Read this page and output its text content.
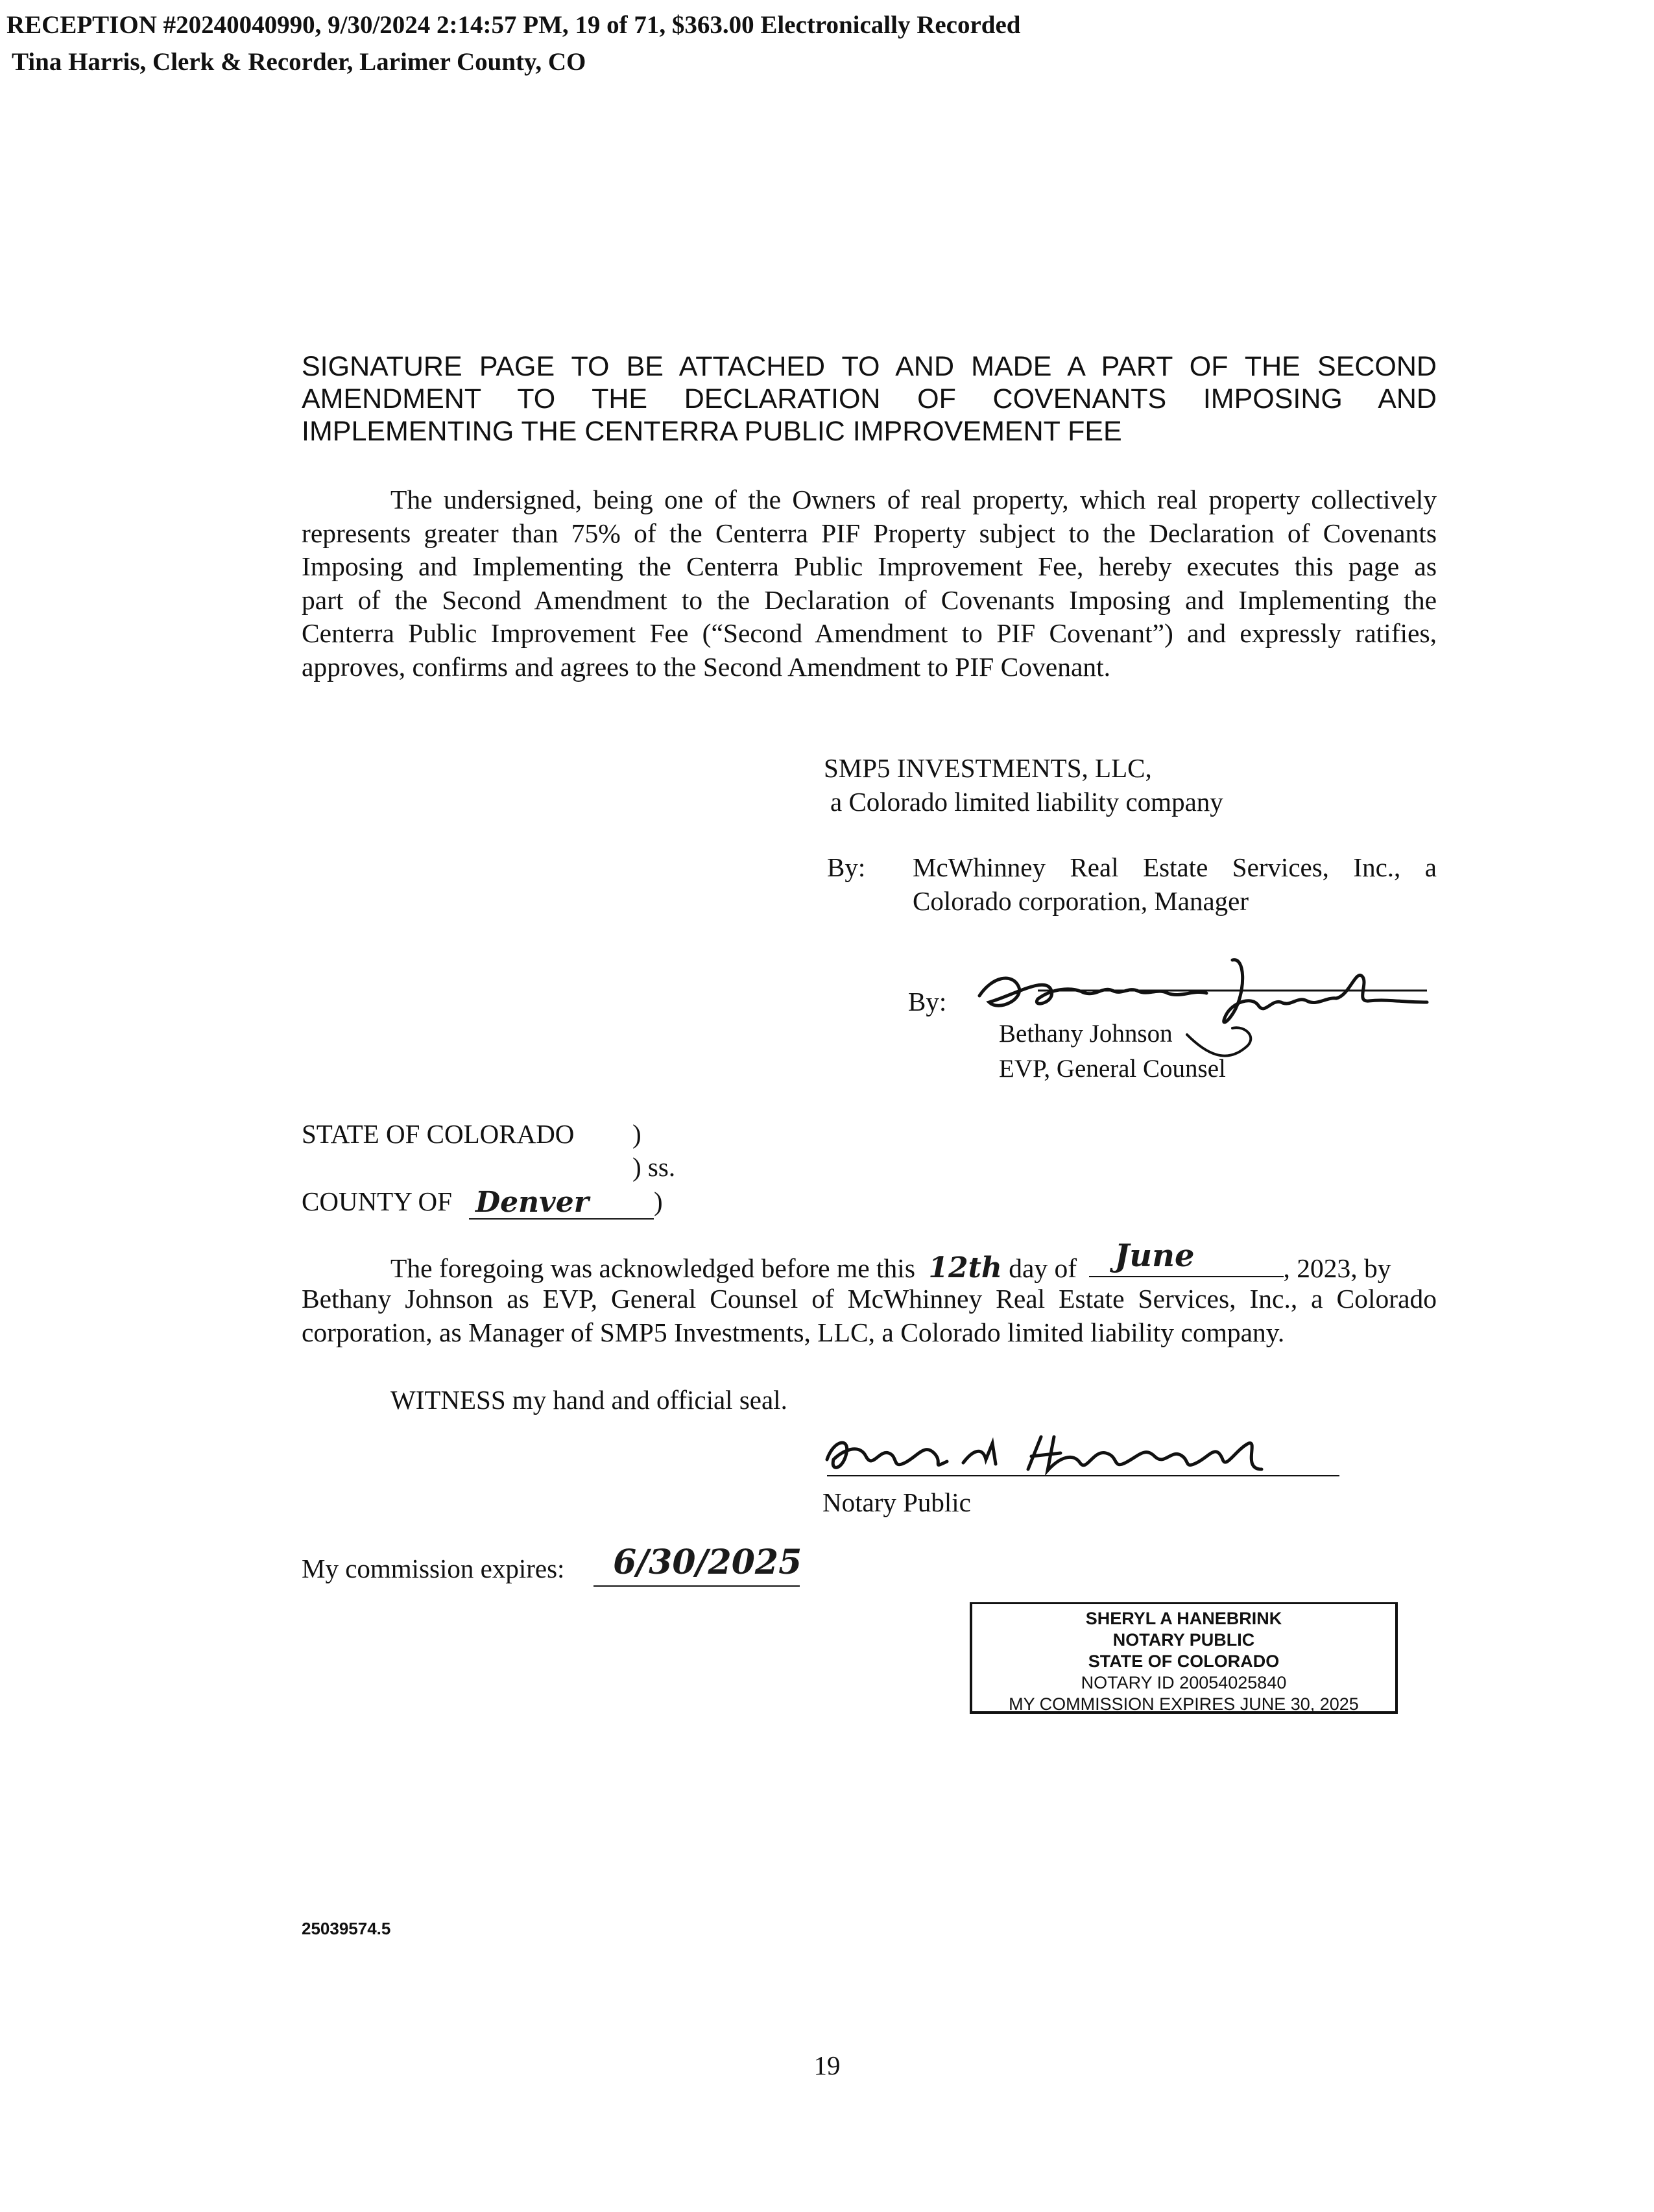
RECEPTION #20240040990, 9/30/2024 2:14:57 PM, 19 of 71, $363.00 Electronically Recorded
Tina Harris, Clerk & Recorder, Larimer County, CO
SIGNATURE PAGE TO BE ATTACHED TO AND MADE A PART OF THE SECOND
AMENDMENT TO THE DECLARATION OF COVENANTS IMPOSING AND
IMPLEMENTING THE CENTERRA PUBLIC IMPROVEMENT FEE
The undersigned, being one of the Owners of real property, which real property collectively
represents greater than 75% of the Centerra PIF Property subject to the Declaration of Covenants
Imposing and Implementing the Centerra Public Improvement Fee, hereby executes this page as
part of the Second Amendment to the Declaration of Covenants Imposing and Implementing the
Centerra Public Improvement Fee (“Second Amendment to PIF Covenant”) and expressly ratifies,
approves, confirms and agrees to the Second Amendment to PIF Covenant.
SMP5 INVESTMENTS, LLC,
a Colorado limited liability company
By: McWhinney Real Estate Services, Inc., a
Colorado corporation, Manager
By:
Bethany Johnson
EVP, General Counsel
STATE OF COLORADO )
) ss.
COUNTY OF Denver )
The foregoing was acknowledged before me this 12th day of June	, 2023, by
Bethany Johnson as EVP, General Counsel of McWhinney Real Estate Services, Inc., a Colorado
corporation, as Manager of SMP5 Investments, LLC, a Colorado limited liability company.
WITNESS my hand and official seal.
Notary Public
My commission expires: 6/30/2025
SHERYL A HANEBRINK
NOTARY PUBLIC
STATE OF COLORADO
NOTARY ID 20054025840
MY COMMISSION EXPIRES JUNE 30, 2025
25039574.5
19
